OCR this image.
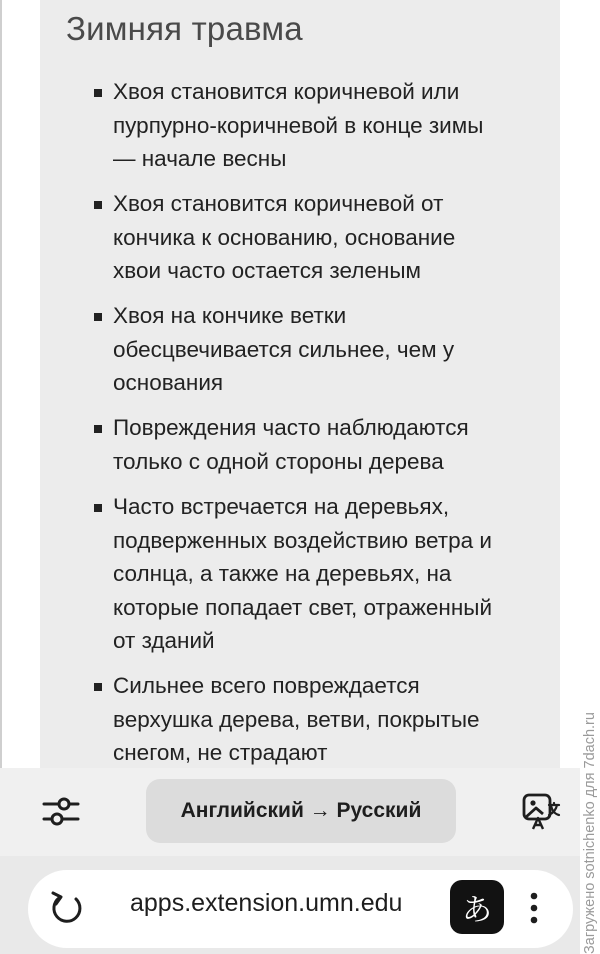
Зимняя травма
Хвоя становится коричневой или
пурпурно-коричневой в конце зимы
— начале весны
Хвоя становится коричневой от
кончика к основанию, основание
хвои часто остается зеленым
Хвоя на кончике ветки
обесцвечивается сильнее, чем у
основания
Повреждения часто наблюдаются
только с одной стороны дерева
Часто встречается на деревьях,
подверженных воздействию ветра и
солнца, а также на деревьях, на
которые попадает свет, отраженный
от зданий
Сильнее всего повреждается
верхушка дерева, ветви, покрытые
снегом, не страдают	Загружено sotnichenko для 7dach.ru
Английский → Русский
apps.extension.umn.edu あ
